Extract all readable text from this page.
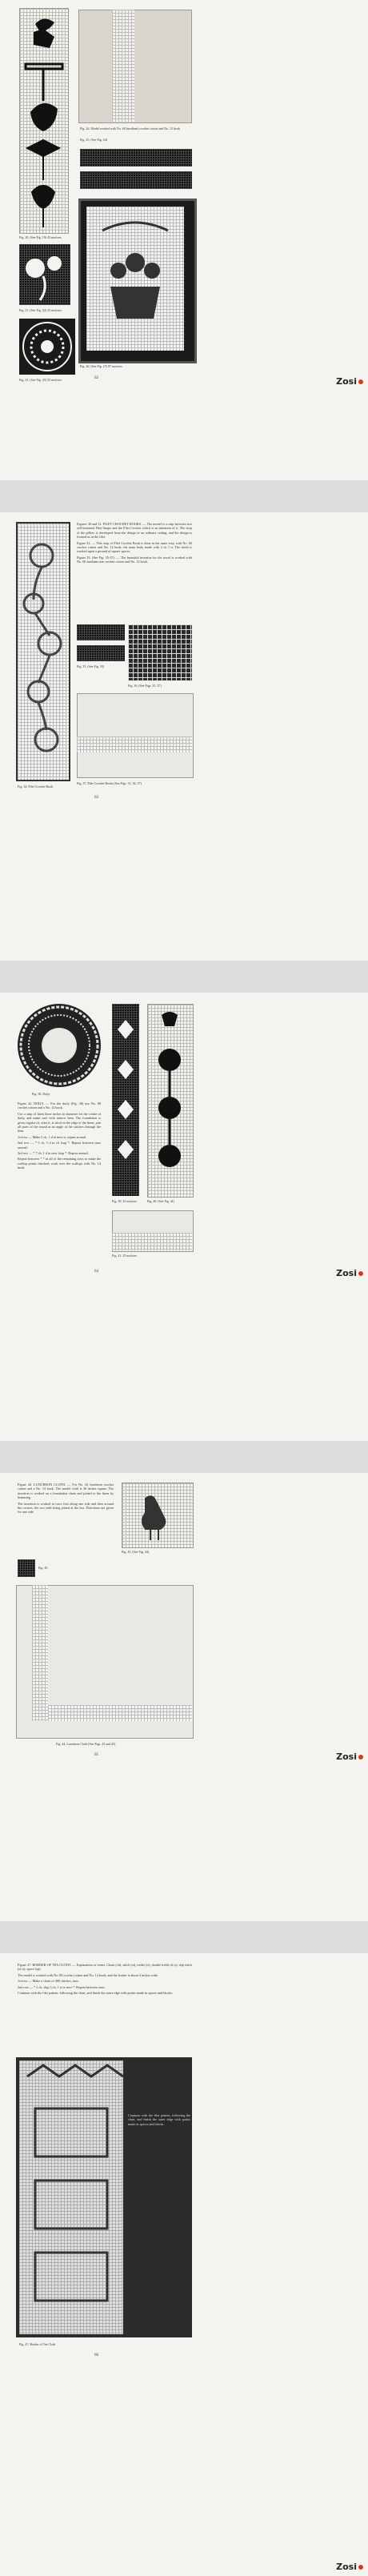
Fig. 20. (See Fig. 19) 43 motives
Fig. 21. (See Fig. 22) 22 motives
Fig. 23. (See Fig. 25) 55 motives
Fig. 24. Model worked with No. 60 (medium) crochet cotton and No. 12 hook
Fig. 25. (See Fig. 24)
Fig. 26. (See Fig. 27) 87 motives
62	Zosi
Fig. 34. Filet Crochet Book

Figures 30 and 31. FILET CROCHET BOOKS. — The model is a strip between two self-buttoned Filet Straps and the Filet Crochet which is an imitation of it. The strip of the pillow is developed from the design of an ordinary setting, and the design is formed as in the filet.

Figure 32. — This strip of Filet Crochet Book is done in the same way, with No. 60 crochet cotton and No. 12 hook; the main body made with 2 ch 1 tr. The stitch is worked upon a ground of square spaces.

Figure 33. (See Fig. 35-37). — The beautiful insertion for the towel is worked with No. 60 medium-size crochet cotton and No. 12 hook.

Fig. 35. (See Fig. 33)
Fig. 36. (See Figs. 35, 37)
Fig. 37. Filet Crochet Books (See Figs. 33, 36, 37)
63
Fig. 38. Doily

Figure 42. DOILY. — For the doily (Fig. 38) use No. 80 crochet cotton and a No. 14 hook.

Use a strip of linen three inches in diameter for the centre of doily, and make sure with narrow hem. The foundation is given regular ch; after it, sl stitch to the edge of the linen; join all parts of the round at an angle of the stitches through the hem.

1st row — Make 5 ch, 1 d in next st, repeat around.

2nd row — * 5 ch, 1 d in ch loop *. Repeat between stars around.

3rd row — * 7 ch, 1 d in next loop *. Repeat around.

Repeat between * * in all of the remaining rows to make the scallop points finished; work over the scallops with No. 14 hook.

Fig. 39. 25 motives	Fig. 40. (See Fig. 41)
Fig. 41. 25 motives
64	Zosi

Figure 44. LUNCHEON CLOTH. — For No. 45 luncheon crochet cotton and a No. 14 hook. The model cloth is 36 inches square. The insertion is worked on a foundation chain and joined to the linen by hemming.

The insertion is worked in rows first along one side and then around the corners, the two ends being joined at the last. Directions are given for one side.

Fig. 43. (See Fig. 44)
Fig. 45.
Fig. 44. Luncheon Cloth (See Figs. 43 and 45)
65	Zosi

Figure 47. BORDER OF TEA CLOTH. — Explanation of terms: Chain (ch), stitch (st), treble (tr), double treble (d tr), slip stitch (sl st), space (sp).

The model is worked with No. 80 crochet cotton and No. 14 hook; and the border is about 4 inches wide.

1st row — Make a chain of 400 stitches, turn.

2nd row — * 4 ch, skip 3 ch, 1 tr in next *. Repeat between stars.

Continue with the filet pattern, following the chart, and finish the outer edge with points made in spaces and blocks.

Continue with the filet pattern, following the chart, and finish the outer edge with points made in spaces and blocks.

Fig. 47. Border of Tea Cloth
66
Zosi
